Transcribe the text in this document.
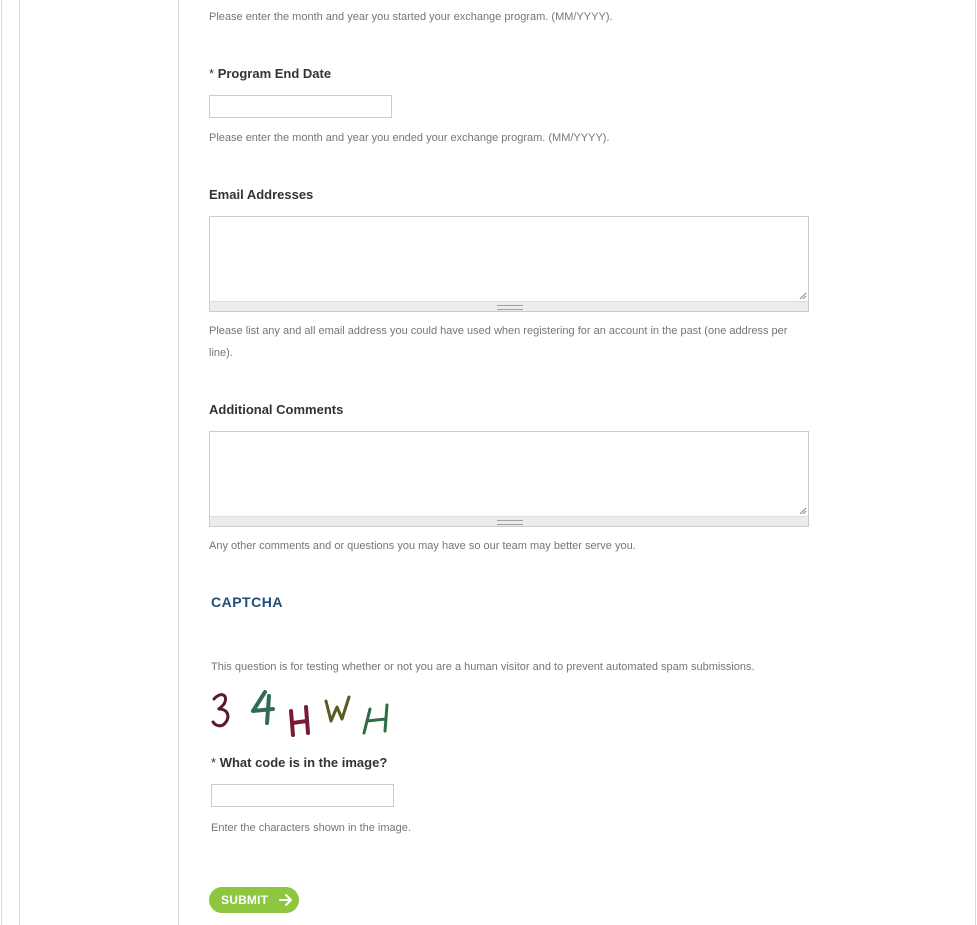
Please enter the month and year you started your exchange program. (MM/YYYY).
* Program End Date
Please enter the month and year you ended your exchange program. (MM/YYYY).
Email Addresses
Please list any and all email address you could have used when registering for an account in the past (one address per
line).
Additional Comments
Any other comments and or questions you may have so our team may better serve you.
CAPTCHA
This question is for testing whether or not you are a human visitor and to prevent automated spam submissions.
* What code is in the image?
Enter the characters shown in the image.
SUBMIT
